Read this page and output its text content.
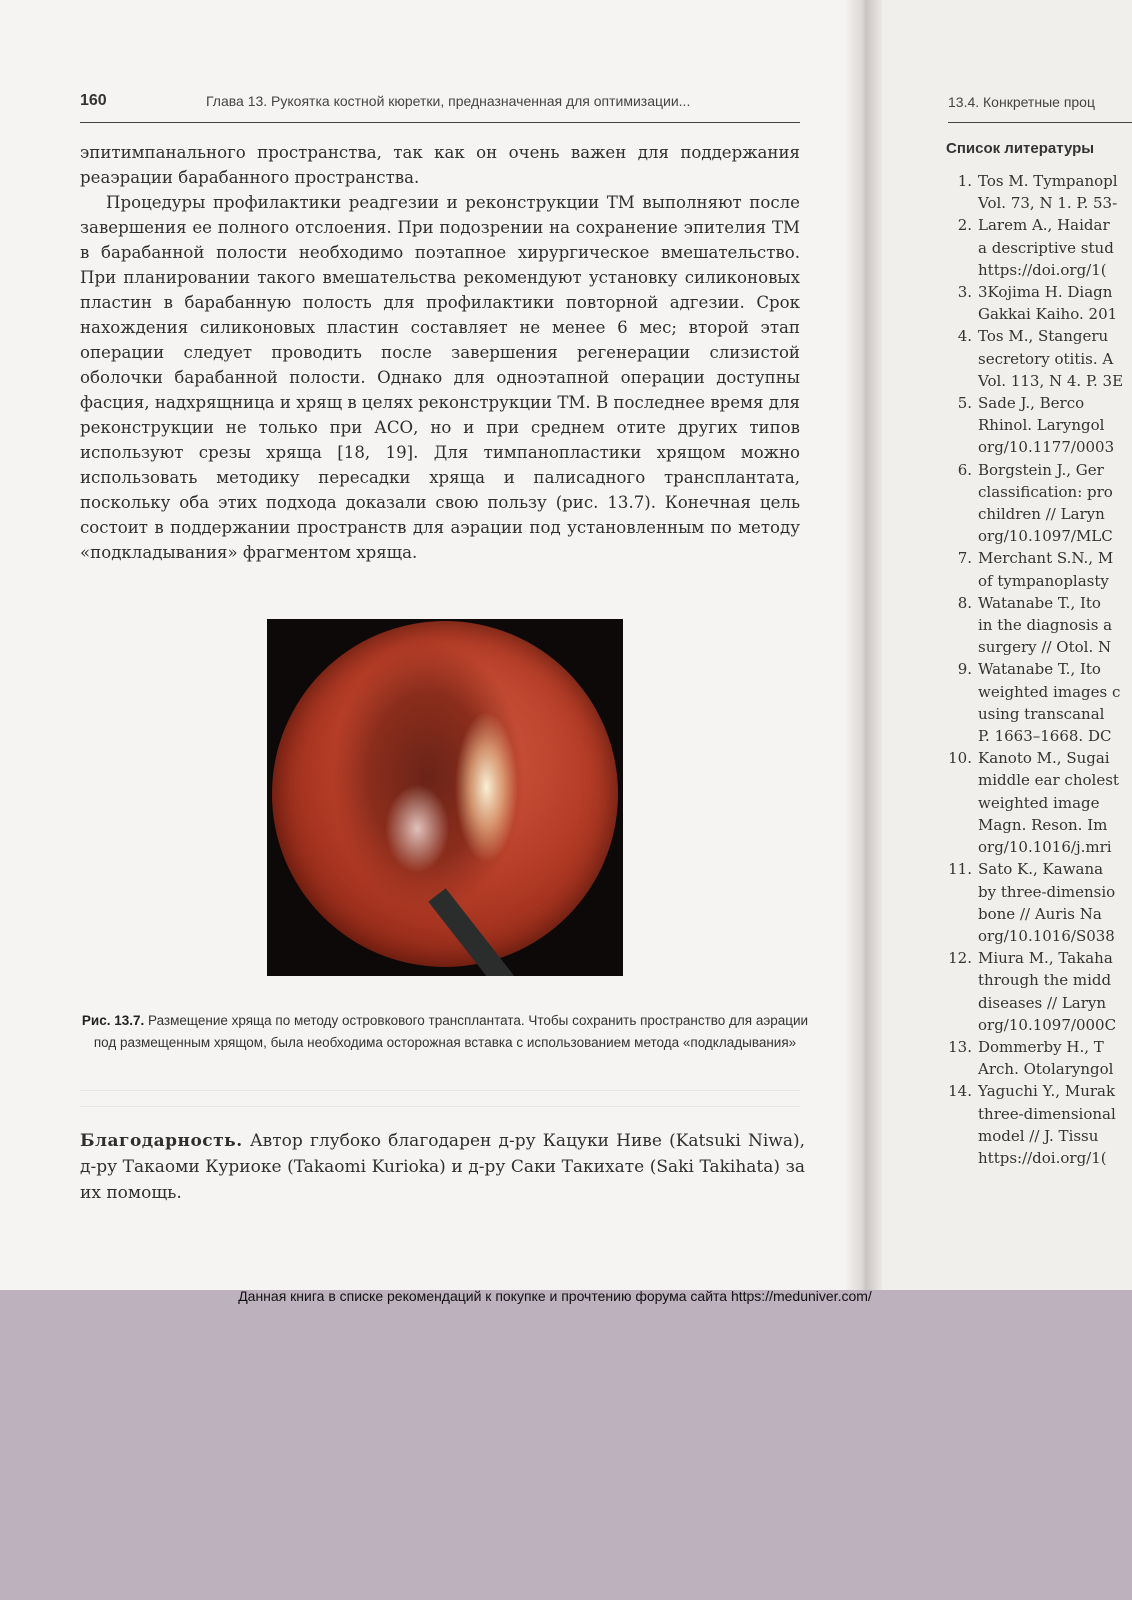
160	Глава 13. Рукоятка костной кюретки, предназначенная для оптимизации...

эпитимпанального пространства, так как он очень важен для поддержания реаэрации барабанного пространства.

Процедуры профилактики реадгезии и реконструкции ТМ выполняют после завершения ее полного отслоения. При подозрении на сохранение эпителия ТМ в барабанной полости необходимо поэтапное хирургическое вмешательство. При планировании такого вмешательства рекомендуют установку силиконовых пластин в барабанную полость для профилактики повторной адгезии. Срок нахождения силиконовых пластин составляет не менее 6 мес; второй этап операции следует проводить после завершения регенерации слизистой оболочки барабанной полости. Однако для одноэтапной операции доступны фасция, надхрящница и хрящ в целях реконструкции ТМ. В последнее время для реконструкции не только при АСО, но и при среднем отите других типов используют срезы хряща [18, 19]. Для тимпанопластики хрящом можно использовать методику пересадки хряща и палисадного трансплантата, поскольку оба этих подхода доказали свою пользу (рис. 13.7). Конечная цель состоит в поддержании пространств для аэрации под установленным по методу «подкладывания» фрагментом хряща.

Рис. 13.7. Размещение хряща по методу островкового трансплантата. Чтобы сохранить пространство для аэрации под размещенным хрящом, была необходима осторожная вставка с использованием метода «подкладывания»
Благодарность. Автор глубоко благодарен д-ру Кацуки Ниве (Katsuki Niwa), д-ру Такаоми Куриоке (Takaomi Kurioka) и д-ру Саки Такихате (Saki Takihata) за их помощь.
13.4. Конкретные проц
Список литературы
1. Tos M. Tympanopl
Vol. 73, N 1. P. 53-
2. Larem A., Haidar
a descriptive stud
https://doi.org/1(
3. 3Kojima H. Diagn
Gakkai Kaiho. 201
4. Tos M., Stangeru
secretory otitis. A
Vol. 113, N 4. P. 3E
5. Sade J., Berco
Rhinol. Laryngol
org/10.1177/0003
6. Borgstein J., Ger
classification: pro
children // Laryn
org/10.1097/MLC
7. Merchant S.N., M
of tympanoplasty
8. Watanabe T., Ito
in the diagnosis a
surgery // Otol. N
9. Watanabe T., Ito
weighted images c
using transcanal
P. 1663–1668. DC
10. Kanoto M., Sugai
middle ear cholest
weighted image
Magn. Reson. Im
org/10.1016/j.mri
11. Sato K., Kawana
by three-dimensio
bone // Auris Na
org/10.1016/S038
12. Miura M., Takaha
through the midd
diseases // Laryn
org/10.1097/000C
13. Dommerby H., T
Arch. Otolaryngol
14. Yaguchi Y., Murak
three-dimensional
model // J. Tissu
https://doi.org/1(
Данная книга в списке рекомендаций к покупке и прочтению форума сайта https://meduniver.com/
